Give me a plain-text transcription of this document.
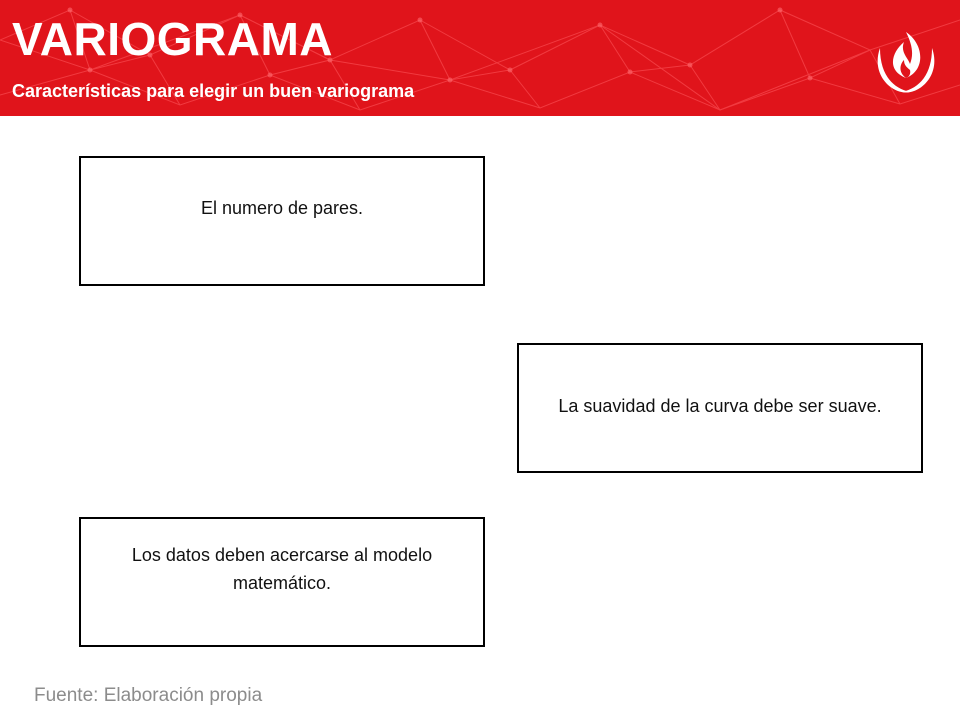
VARIOGRAMA

Características para elegir un buen variograma

El numero de pares.
La suavidad de la curva debe ser suave.
Los datos deben acercarse al modelo matemático.

Fuente: Elaboración propia
